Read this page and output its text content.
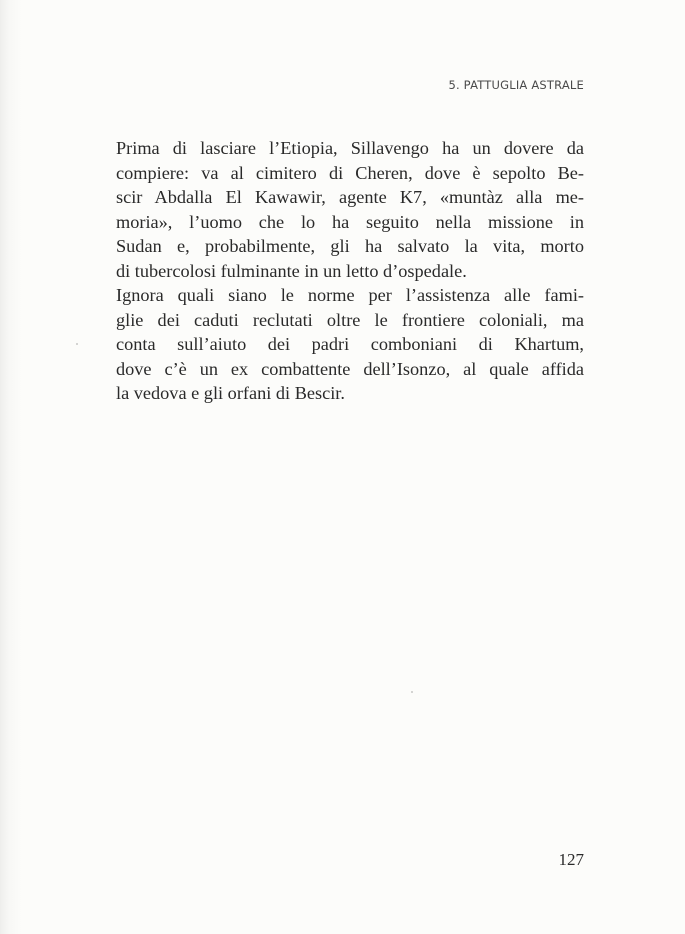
5. PATTUGLIA ASTRALE
Prima di lasciare l’Etiopia, Sillavengo ha un dovere da
compiere: va al cimitero di Cheren, dove è sepolto Be-
scir Abdalla El Kawawir, agente K7, «muntàz alla me-
moria», l’uomo che lo ha seguito nella missione in
Sudan e, probabilmente, gli ha salvato la vita, morto
di tubercolosi fulminante in un letto d’ospedale.
Ignora quali siano le norme per l’assistenza alle fami-
glie dei caduti reclutati oltre le frontiere coloniali, ma
conta sull’aiuto dei padri comboniani di Khartum,
dove c’è un ex combattente dell’Isonzo, al quale affida
la vedova e gli orfani di Bescir.
127
